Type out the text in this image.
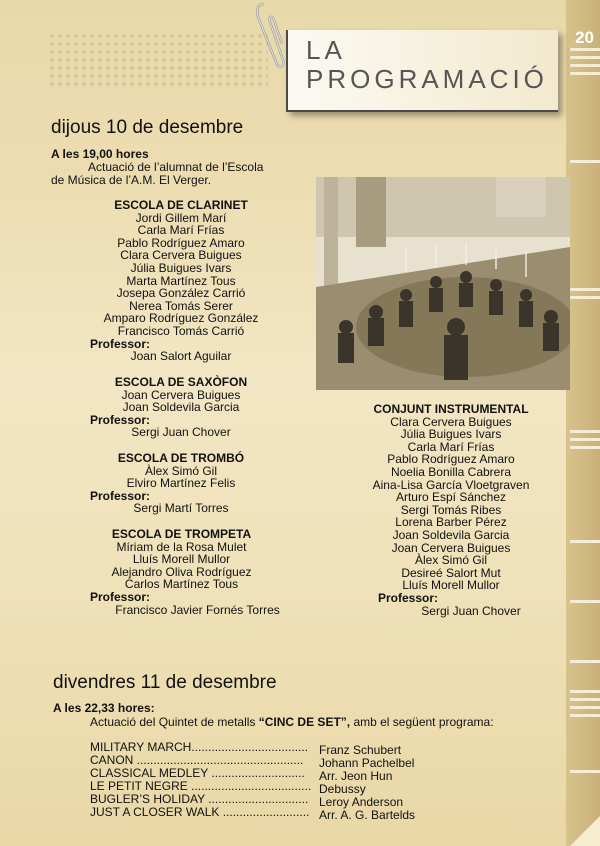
20
LA
PROGRAMACIÓ
dijous 10 de desembre
A les 19,00 hores
Actuació de l’alumnat de l’Escola
de Música de l’A.M. El Verger.
ESCOLA DE CLARINET
Jordi Gillem Marí
Carla Marí Frías
Pablo Rodríguez Amaro
Clara Cervera Buigues
Júlia Buigues Ivars
Marta Martínez Tous
Josepa González Carrió
Nerea Tomás Serer
Amparo Rodríguez González
Francisco Tomás Carrió
Professor:
Joan Salort Aguilar
ESCOLA DE SAXÒFON
Joan Cervera Buigues
Joan Soldevila Garcia
Professor:
Sergi Juan Chover
ESCOLA DE TROMBÓ
Àlex Simó Gil
Elviro Martínez Felis
Professor:
Sergi Martí Torres
ESCOLA DE TROMPETA
Míriam de la Rosa Mulet
Lluís Morell Mullor
Alejandro Oliva Rodríguez
Carlos Martínez Tous
Professor:
Francisco Javier Fornés Torres
CONJUNT INSTRUMENTAL
Clara Cervera Buigues
Júlia Buigues Ivars
Carla Marí Frías
Pablo Rodríguez Amaro
Noelia Bonilla Cabrera
Aina-Lisa García Vloetgraven
Arturo Espí Sánchez
Sergi Tomás Ribes
Lorena Barber Pérez
Joan Soldevila Garcia
Joan Cervera Buigues
Àlex Simó Gil
Desireé Salort Mut
Lluís Morell Mullor
Professor:
Sergi Juan Chover
divendres 11 de desembre
A les 22,33 hores:
Actuació del Quintet de metalls “CINC DE SET”, amb el següent programa:
MILITARY MARCH................................... Franz Schubert
CANON .................................................. Johann Pachelbel
CLASSICAL MEDLEY ............................ Arr. Jeon Hun
LE PETIT NEGRE .................................... Debussy
BUGLER’S HOLIDAY .............................. Leroy Anderson
JUST A CLOSER WALK .......................... Arr. A. G. Bartelds
